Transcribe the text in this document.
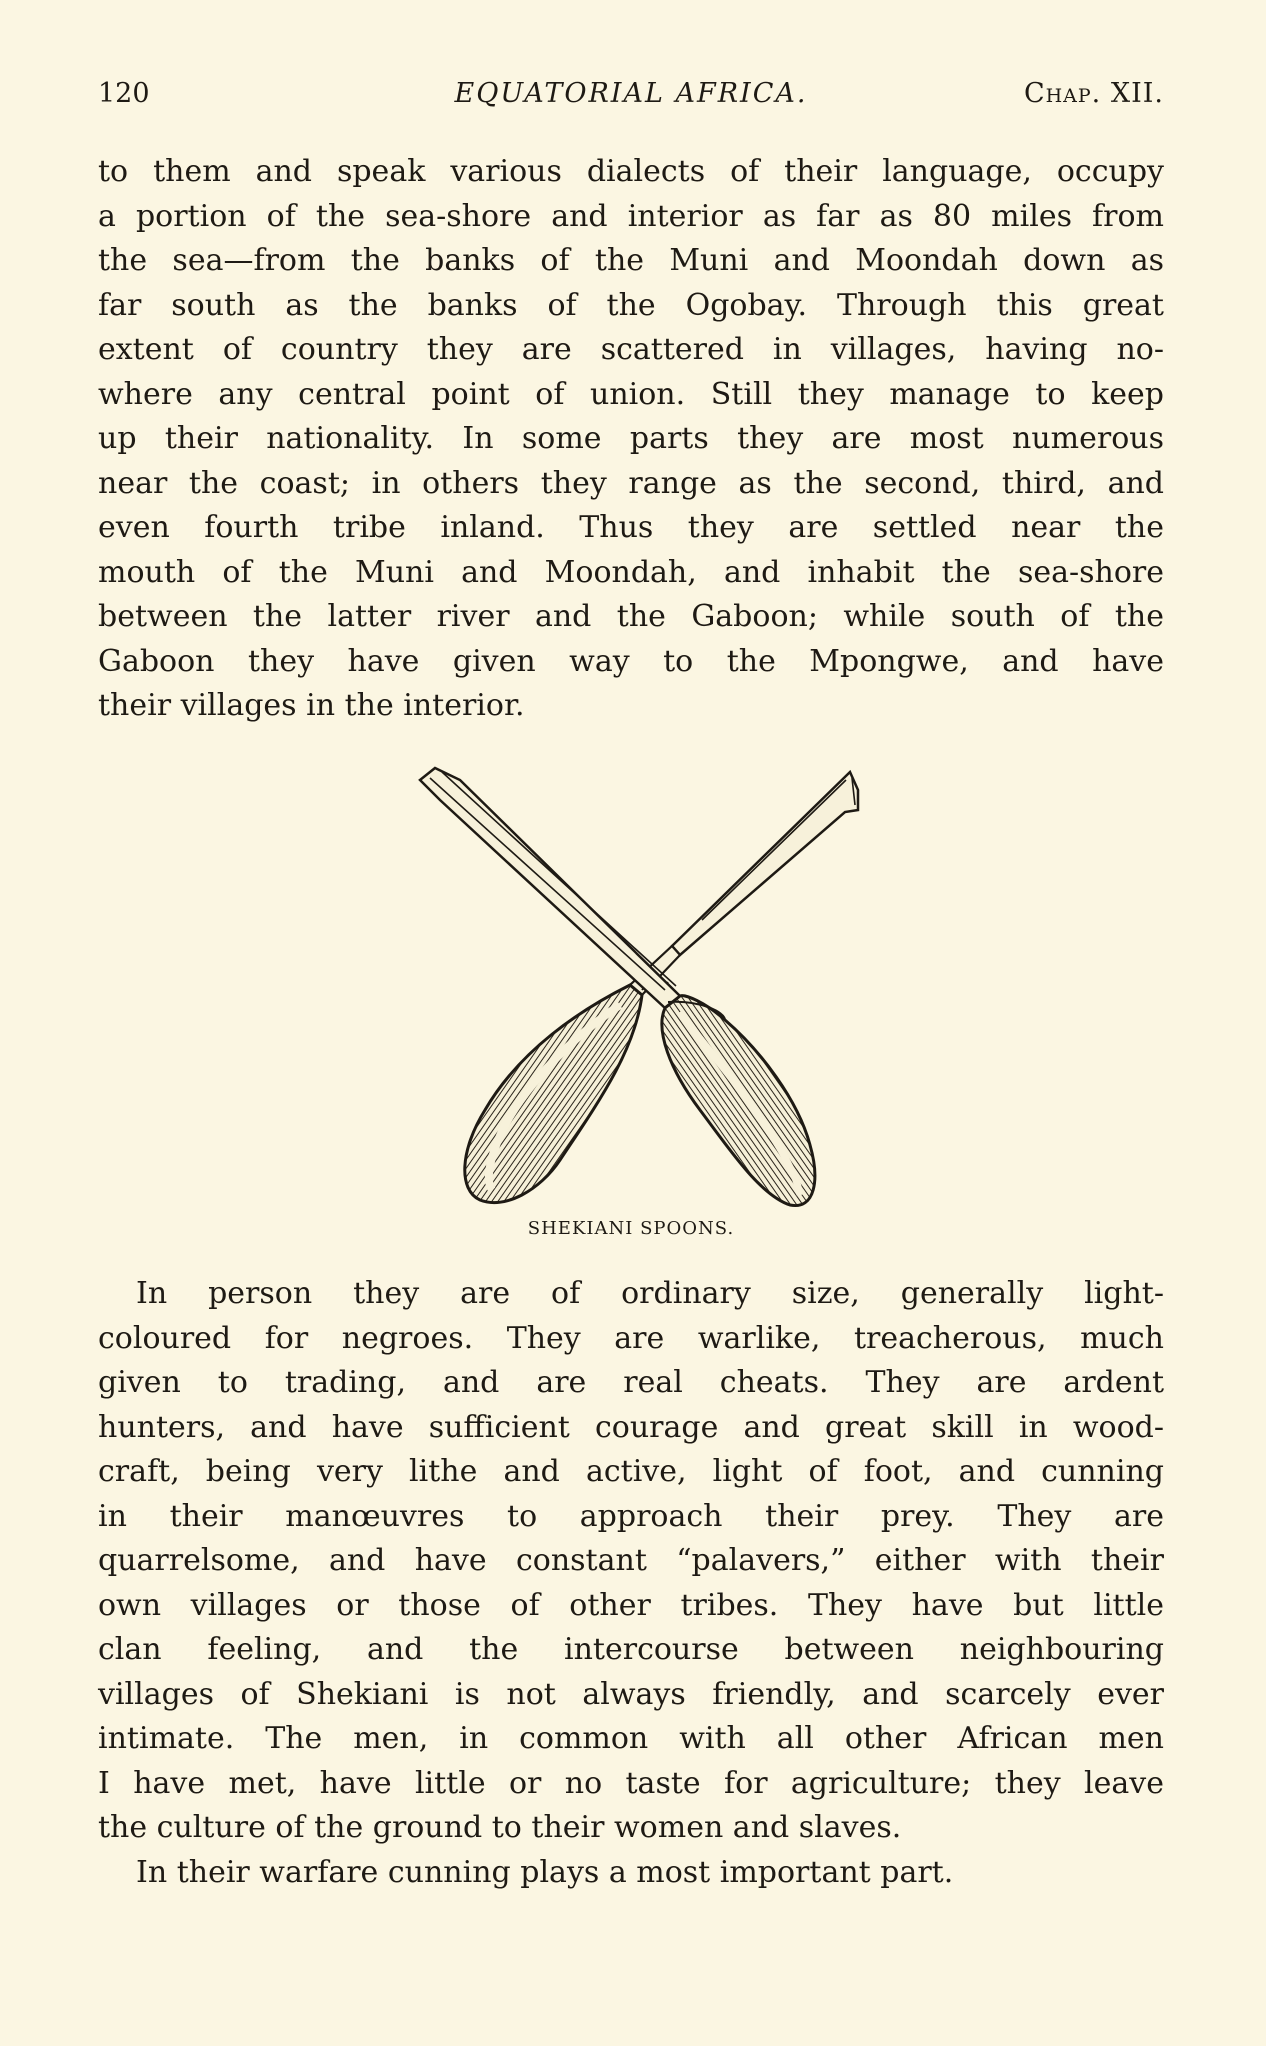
120	EQUATORIAL AFRICA.	Chap. XII.
to them and speak various dialects of their language, occupy
a portion of the sea-shore and interior as far as 80 miles from
the sea—from the banks of the Muni and Moondah down as
far south as the banks of the Ogobay. Through this great
extent of country they are scattered in villages, having no-
where any central point of union. Still they manage to keep
up their nationality. In some parts they are most numerous
near the coast; in others they range as the second, third, and
even fourth tribe inland. Thus they are settled near the
mouth of the Muni and Moondah, and inhabit the sea-shore
between the latter river and the Gaboon; while south of the
Gaboon they have given way to the Mpongwe, and have
their villages in the interior.
SHEKIANI SPOONS.
In person they are of ordinary size, generally light-
coloured for negroes. They are warlike, treacherous, much
given to trading, and are real cheats. They are ardent
hunters, and have sufficient courage and great skill in wood-
craft, being very lithe and active, light of foot, and cunning
in their manœuvres to approach their prey. They are
quarrelsome, and have constant “palavers,” either with their
own villages or those of other tribes. They have but little
clan feeling, and the intercourse between neighbouring
villages of Shekiani is not always friendly, and scarcely ever
intimate. The men, in common with all other African men
I have met, have little or no taste for agriculture; they leave
the culture of the ground to their women and slaves.
In their warfare cunning plays a most important part.
